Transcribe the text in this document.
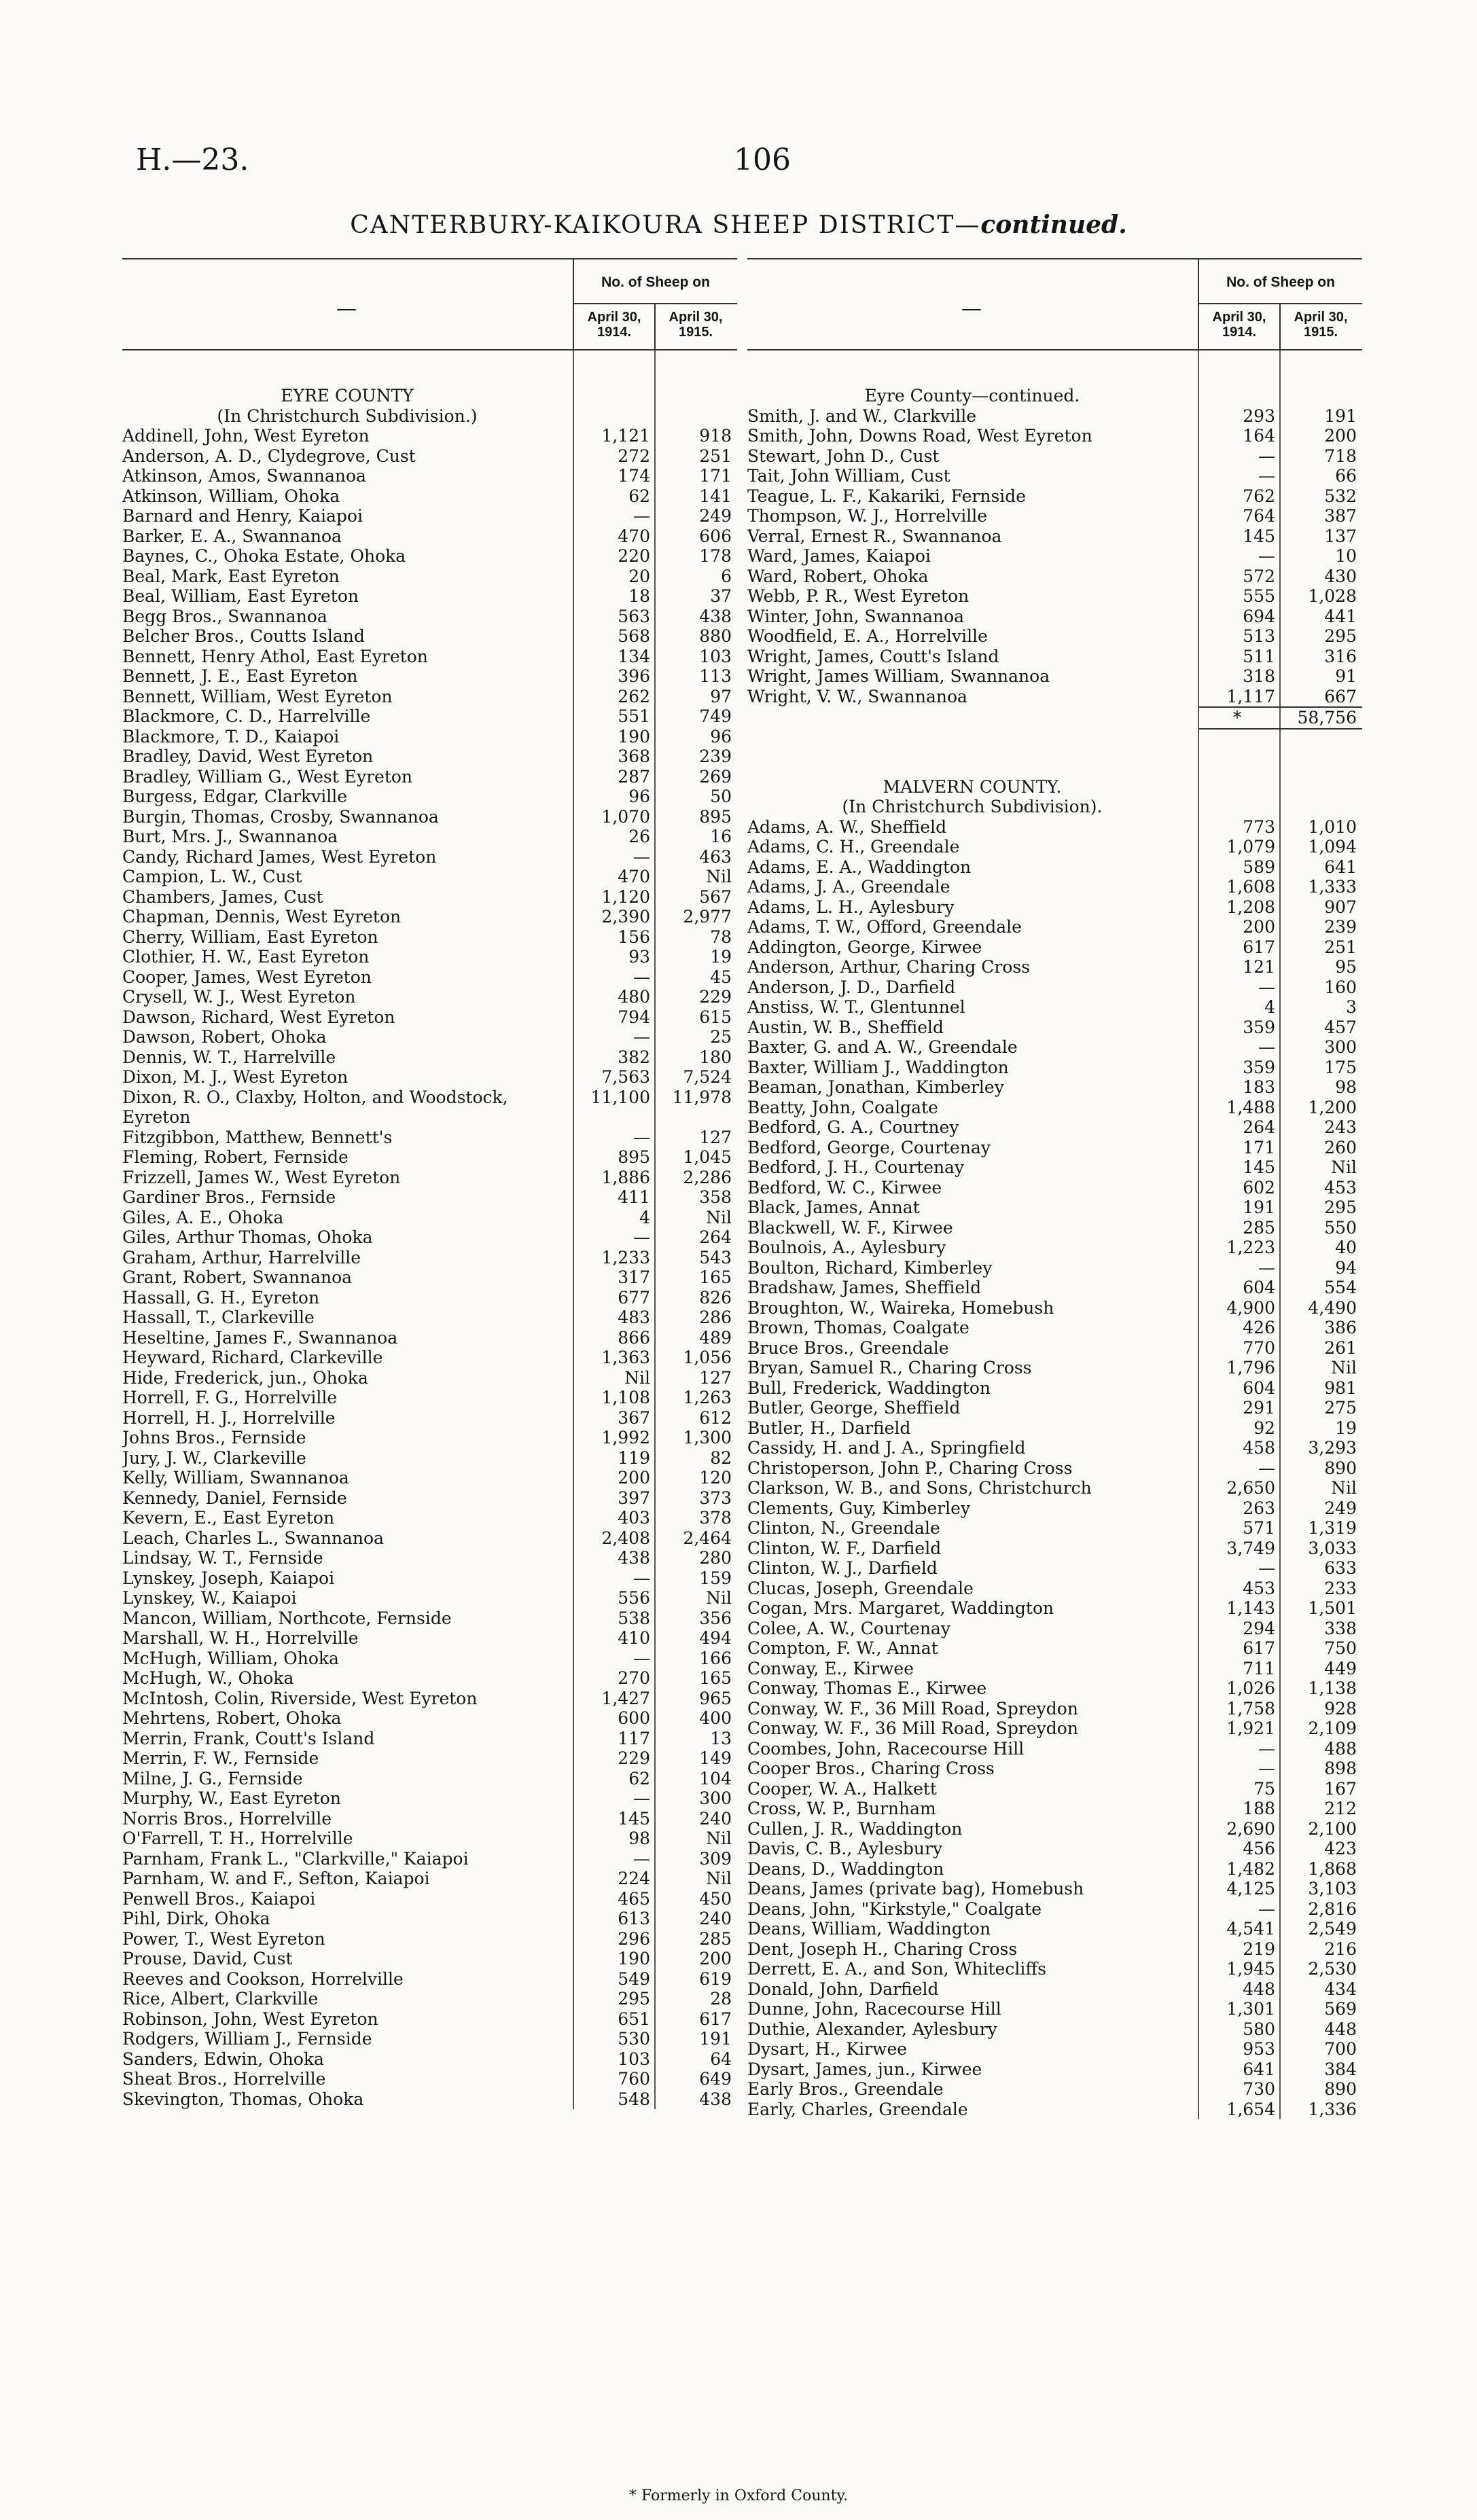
H.—23.	106
CANTERBURY-KAIKOURA SHEEP DISTRICT—continued.
—
No. of Sheep on
April 30, 1914.
April 30, 1915.
EYRE COUNTY
(In Christchurch Subdivision.)
Addinell, John, West Eyreton	1,121	918
Anderson, A. D., Clydegrove, Cust	272	251
Atkinson, Amos, Swannanoa	174	171
Atkinson, William, Ohoka	62	141
Barnard and Henry, Kaiapoi	—	249
Barker, E. A., Swannanoa	470	606
Baynes, C., Ohoka Estate, Ohoka	220	178
Beal, Mark, East Eyreton	20	6
Beal, William, East Eyreton	18	37
Begg Bros., Swannanoa	563	438
Belcher Bros., Coutts Island	568	880
Bennett, Henry Athol, East Eyreton	134	103
Bennett, J. E., East Eyreton	396	113
Bennett, William, West Eyreton	262	97
Blackmore, C. D., Harrelville	551	749
Blackmore, T. D., Kaiapoi	190	96
Bradley, David, West Eyreton	368	239
Bradley, William G., West Eyreton	287	269
Burgess, Edgar, Clarkville	96	50
Burgin, Thomas, Crosby, Swannanoa	1,070	895
Burt, Mrs. J., Swannanoa	26	16
Candy, Richard James, West Eyreton	—	463
Campion, L. W., Cust	470	Nil
Chambers, James, Cust	1,120	567
Chapman, Dennis, West Eyreton	2,390	2,977
Cherry, William, East Eyreton	156	78
Clothier, H. W., East Eyreton	93	19
Cooper, James, West Eyreton	—	45
Crysell, W. J., West Eyreton	480	229
Dawson, Richard, West Eyreton	794	615
Dawson, Robert, Ohoka	—	25
Dennis, W. T., Harrelville	382	180
Dixon, M. J., West Eyreton	7,563	7,524
Dixon, R. O., Claxby, Holton, and Woodstock, Eyreton
11,100	11,978
Fitzgibbon, Matthew, Bennett's	—	127
Fleming, Robert, Fernside	895	1,045
Frizzell, James W., West Eyreton	1,886	2,286
Gardiner Bros., Fernside	411	358
Giles, A. E., Ohoka	4	Nil
Giles, Arthur Thomas, Ohoka	—	264
Graham, Arthur, Harrelville	1,233	543
Grant, Robert, Swannanoa	317	165
Hassall, G. H., Eyreton	677	826
Hassall, T., Clarkeville	483	286
Heseltine, James F., Swannanoa	866	489
Heyward, Richard, Clarkeville	1,363	1,056
Hide, Frederick, jun., Ohoka	Nil	127
Horrell, F. G., Horrelville	1,108	1,263
Horrell, H. J., Horrelville	367	612
Johns Bros., Fernside	1,992	1,300
Jury, J. W., Clarkeville	119	82
Kelly, William, Swannanoa	200	120
Kennedy, Daniel, Fernside	397	373
Kevern, E., East Eyreton	403	378
Leach, Charles L., Swannanoa	2,408	2,464
Lindsay, W. T., Fernside	438	280
Lynskey, Joseph, Kaiapoi	—	159
Lynskey, W., Kaiapoi	556	Nil
Mancon, William, Northcote, Fernside	538	356
Marshall, W. H., Horrelville	410	494
McHugh, William, Ohoka	—	166
McHugh, W., Ohoka	270	165
McIntosh, Colin, Riverside, West Eyreton	1,427	965
Mehrtens, Robert, Ohoka	600	400
Merrin, Frank, Coutt's Island	117	13
Merrin, F. W., Fernside	229	149
Milne, J. G., Fernside	62	104
Murphy, W., East Eyreton	—	300
Norris Bros., Horrelville	145	240
O'Farrell, T. H., Horrelville	98	Nil
Parnham, Frank L., "Clarkville," Kaiapoi	—	309
Parnham, W. and F., Sefton, Kaiapoi	224	Nil
Penwell Bros., Kaiapoi	465	450
Pihl, Dirk, Ohoka	613	240
Power, T., West Eyreton	296	285
Prouse, David, Cust	190	200
Reeves and Cookson, Horrelville	549	619
Rice, Albert, Clarkville	295	28
Robinson, John, West Eyreton	651	617
Rodgers, William J., Fernside	530	191
Sanders, Edwin, Ohoka	103	64
Sheat Bros., Horrelville	760	649
Skevington, Thomas, Ohoka	548	438
—
No. of Sheep on
April 30, 1914.
April 30, 1915.
Eyre County—continued.
Smith, J. and W., Clarkville	293	191
Smith, John, Downs Road, West Eyreton	164	200
Stewart, John D., Cust	—	718
Tait, John William, Cust	—	66
Teague, L. F., Kakariki, Fernside	762	532
Thompson, W. J., Horrelville	764	387
Verral, Ernest R., Swannanoa	145	137
Ward, James, Kaiapoi	—	10
Ward, Robert, Ohoka	572	430
Webb, P. R., West Eyreton	555	1,028
Winter, John, Swannanoa	694	441
Woodfield, E. A., Horrelville	513	295
Wright, James, Coutt's Island	511	316
Wright, James William, Swannanoa	318	91
Wright, V. W., Swannanoa	1,117	667
*	58,756
MALVERN COUNTY.
(In Christchurch Subdivision).
Adams, A. W., Sheffield	773	1,010
Adams, C. H., Greendale	1,079	1,094
Adams, E. A., Waddington	589	641
Adams, J. A., Greendale	1,608	1,333
Adams, L. H., Aylesbury	1,208	907
Adams, T. W., Offord, Greendale	200	239
Addington, George, Kirwee	617	251
Anderson, Arthur, Charing Cross	121	95
Anderson, J. D., Darfield	—	160
Anstiss, W. T., Glentunnel	4	3
Austin, W. B., Sheffield	359	457
Baxter, G. and A. W., Greendale	—	300
Baxter, William J., Waddington	359	175
Beaman, Jonathan, Kimberley	183	98
Beatty, John, Coalgate	1,488	1,200
Bedford, G. A., Courtney	264	243
Bedford, George, Courtenay	171	260
Bedford, J. H., Courtenay	145	Nil
Bedford, W. C., Kirwee	602	453
Black, James, Annat	191	295
Blackwell, W. F., Kirwee	285	550
Boulnois, A., Aylesbury	1,223	40
Boulton, Richard, Kimberley	—	94
Bradshaw, James, Sheffield	604	554
Broughton, W., Waireka, Homebush	4,900	4,490
Brown, Thomas, Coalgate	426	386
Bruce Bros., Greendale	770	261
Bryan, Samuel R., Charing Cross	1,796	Nil
Bull, Frederick, Waddington	604	981
Butler, George, Sheffield	291	275
Butler, H., Darfield	92	19
Cassidy, H. and J. A., Springfield	458	3,293
Christoperson, John P., Charing Cross	—	890
Clarkson, W. B., and Sons, Christchurch	2,650	Nil
Clements, Guy, Kimberley	263	249
Clinton, N., Greendale	571	1,319
Clinton, W. F., Darfield	3,749	3,033
Clinton, W. J., Darfield	—	633
Clucas, Joseph, Greendale	453	233
Cogan, Mrs. Margaret, Waddington	1,143	1,501
Colee, A. W., Courtenay	294	338
Compton, F. W., Annat	617	750
Conway, E., Kirwee	711	449
Conway, Thomas E., Kirwee	1,026	1,138
Conway, W. F., 36 Mill Road, Spreydon	1,758	928
Conway, W. F., 36 Mill Road, Spreydon	1,921	2,109
Coombes, John, Racecourse Hill	—	488
Cooper Bros., Charing Cross	—	898
Cooper, W. A., Halkett	75	167
Cross, W. P., Burnham	188	212
Cullen, J. R., Waddington	2,690	2,100
Davis, C. B., Aylesbury	456	423
Deans, D., Waddington	1,482	1,868
Deans, James (private bag), Homebush	4,125	3,103
Deans, John, "Kirkstyle," Coalgate	—	2,816
Deans, William, Waddington	4,541	2,549
Dent, Joseph H., Charing Cross	219	216
Derrett, E. A., and Son, Whitecliffs	1,945	2,530
Donald, John, Darfield	448	434
Dunne, John, Racecourse Hill	1,301	569
Duthie, Alexander, Aylesbury	580	448
Dysart, H., Kirwee	953	700
Dysart, James, jun., Kirwee	641	384
Early Bros., Greendale	730	890
Early, Charles, Greendale	1,654	1,336
* Formerly in Oxford County.
